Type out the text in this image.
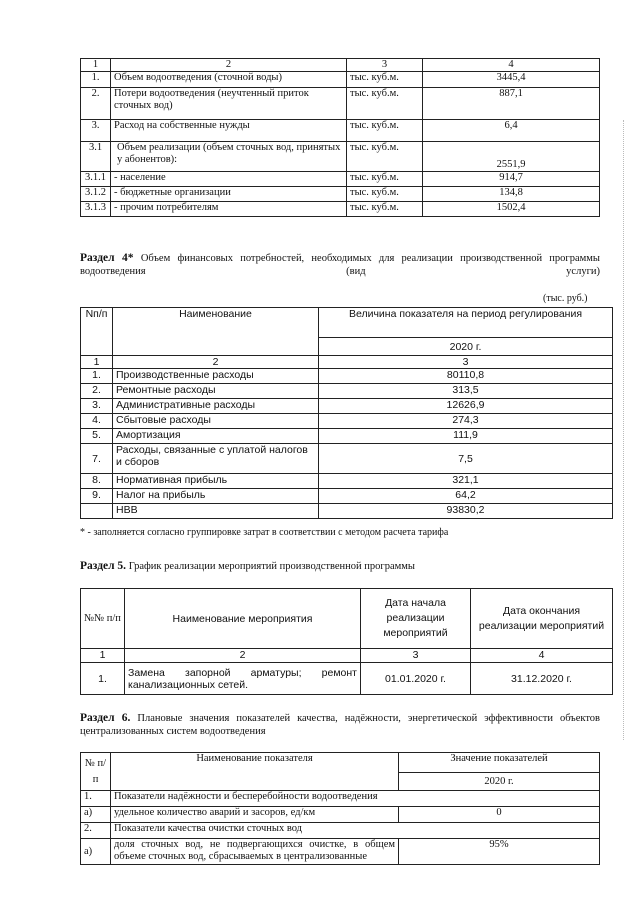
1	2	3	4
1.	Объем водоотведения (сточной воды)	тыс. куб.м.	3445,4
2.	Потери водоотведения (неучтенный приток сточных вод)	тыс. куб.м.	887,1
3.	Расход на собственные нужды	тыс. куб.м.	6,4
3.1	Объем реализации (объем сточных вод, принятых у абонентов):	тыс. куб.м.	2551,9
3.1.1	- население	тыс. куб.м.	914,7
3.1.2	- бюджетные организации	тыс. куб.м.	134,8
3.1.3	- прочим потребителям	тыс. куб.м.	1502,4
Раздел 4* Объем финансовых потребностей, необходимых для реализации производственной программы водоотведения (вид услуги)
(тыс. руб.)
Nп/п	Наименование	Величина показателя на период регулирования
		2020 г.
1	2	3
1.	Производственные расходы	80110,8
2.	Ремонтные расходы	313,5
3.	Административные расходы	12626,9
4.	Сбытовые расходы	274,3
5.	Амортизация	111,9
7.	Расходы, связанные с уплатой налогов и сборов	7,5
8.	Нормативная прибыль	321,1
9.	Налог на прибыль	64,2
	НВВ	93830,2
* - заполняется согласно группировке затрат в соответствии с методом расчета тарифа
Раздел 5. График реализации мероприятий производственной программы
№№ п/п	Наименование мероприятия	Дата начала реализации мероприятий	Дата окончания реализации мероприятий
1	2	3	4
1.	Замена запорной арматуры; ремонт канализационных сетей.	01.01.2020 г.	31.12.2020 г.
Раздел 6. Плановые значения показателей качества, надёжности, энергетической эффективности объектов централизованных систем водоотведения
№ п/п	Наименование показателя	Значение показателей
		2020 г.
1.	Показатели надёжности и бесперебойности водоотведения	
а)	удельное количество аварий и засоров, ед/км	0
2.	Показатели качества очистки сточных вод	
а)	доля сточных вод, не подвергающихся очистке, в общем объеме сточных вод, сбрасываемых в централизованные	95%
